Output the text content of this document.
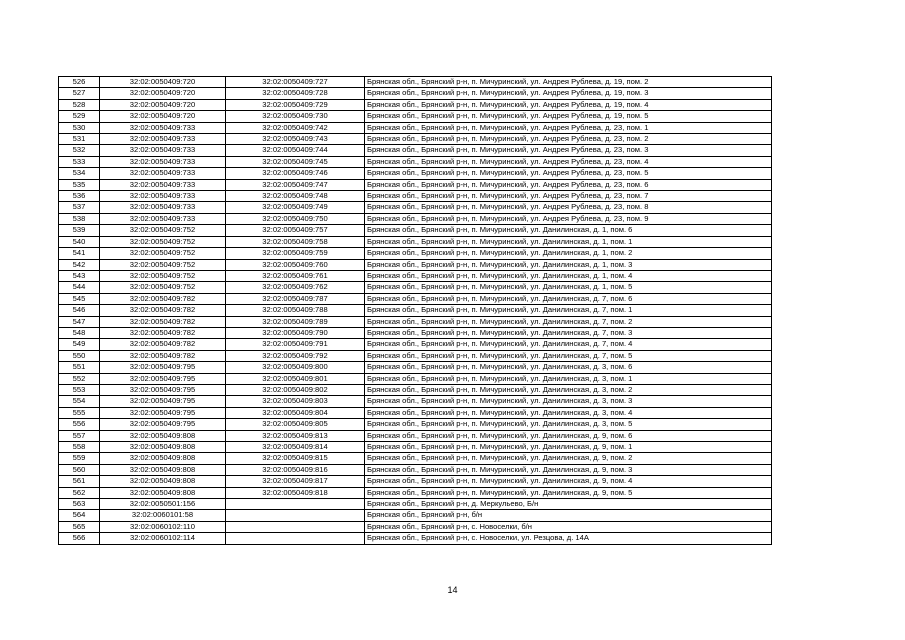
526	32:02:0050409:720	32:02:0050409:727	Брянская обл., Брянский р-н, п. Мичуринский, ул. Андрея Рублева, д. 19, пом. 2
527	32:02:0050409:720	32:02:0050409:728	Брянская обл., Брянский р-н, п. Мичуринский, ул. Андрея Рублева, д. 19, пом. 3
528	32:02:0050409:720	32:02:0050409:729	Брянская обл., Брянский р-н, п. Мичуринский, ул. Андрея Рублева, д. 19, пом. 4
529	32:02:0050409:720	32:02:0050409:730	Брянская обл., Брянский р-н, п. Мичуринский, ул. Андрея Рублева, д. 19, пом. 5
530	32:02:0050409:733	32:02:0050409:742	Брянская обл., Брянский р-н, п. Мичуринский, ул. Андрея Рублева, д. 23, пом. 1
531	32:02:0050409:733	32:02:0050409:743	Брянская обл., Брянский р-н, п. Мичуринский, ул. Андрея Рублева, д. 23, пом. 2
532	32:02:0050409:733	32:02:0050409:744	Брянская обл., Брянский р-н, п. Мичуринский, ул. Андрея Рублева, д. 23, пом. 3
533	32:02:0050409:733	32:02:0050409:745	Брянская обл., Брянский р-н, п. Мичуринский, ул. Андрея Рублева, д. 23, пом. 4
534	32:02:0050409:733	32:02:0050409:746	Брянская обл., Брянский р-н, п. Мичуринский, ул. Андрея Рублева, д. 23, пом. 5
535	32:02:0050409:733	32:02:0050409:747	Брянская обл., Брянский р-н, п. Мичуринский, ул. Андрея Рублева, д. 23, пом. 6
536	32:02:0050409:733	32:02:0050409:748	Брянская обл., Брянский р-н, п. Мичуринский, ул. Андрея Рублева, д. 23, пом. 7
537	32:02:0050409:733	32:02:0050409:749	Брянская обл., Брянский р-н, п. Мичуринский, ул. Андрея Рублева, д. 23, пом. 8
538	32:02:0050409:733	32:02:0050409:750	Брянская обл., Брянский р-н, п. Мичуринский, ул. Андрея Рублева, д. 23, пом. 9
539	32:02:0050409:752	32:02:0050409:757	Брянская обл., Брянский р-н, п. Мичуринский, ул. Данилинская, д. 1, пом. 6
540	32:02:0050409:752	32:02:0050409:758	Брянская обл., Брянский р-н, п. Мичуринский, ул. Данилинская, д. 1, пом. 1
541	32:02:0050409:752	32:02:0050409:759	Брянская обл., Брянский р-н, п. Мичуринский, ул. Данилинская, д. 1, пом. 2
542	32:02:0050409:752	32:02:0050409:760	Брянская обл., Брянский р-н, п. Мичуринский, ул. Данилинская, д. 1, пом. 3
543	32:02:0050409:752	32:02:0050409:761	Брянская обл., Брянский р-н, п. Мичуринский, ул. Данилинская, д. 1, пом. 4
544	32:02:0050409:752	32:02:0050409:762	Брянская обл., Брянский р-н, п. Мичуринский, ул. Данилинская, д. 1, пом. 5
545	32:02:0050409:782	32:02:0050409:787	Брянская обл., Брянский р-н, п. Мичуринский, ул. Данилинская, д. 7, пом. 6
546	32:02:0050409:782	32:02:0050409:788	Брянская обл., Брянский р-н, п. Мичуринский, ул. Данилинская, д. 7, пом. 1
547	32:02:0050409:782	32:02:0050409:789	Брянская обл., Брянский р-н, п. Мичуринский, ул. Данилинская, д. 7, пом. 2
548	32:02:0050409:782	32:02:0050409:790	Брянская обл., Брянский р-н, п. Мичуринский, ул. Данилинская, д. 7, пом. 3
549	32:02:0050409:782	32:02:0050409:791	Брянская обл., Брянский р-н, п. Мичуринский, ул. Данилинская, д. 7, пом. 4
550	32:02:0050409:782	32:02:0050409:792	Брянская обл., Брянский р-н, п. Мичуринский, ул. Данилинская, д. 7, пом. 5
551	32:02:0050409:795	32:02:0050409:800	Брянская обл., Брянский р-н, п. Мичуринский, ул. Данилинская, д. 3, пом. 6
552	32:02:0050409:795	32:02:0050409:801	Брянская обл., Брянский р-н, п. Мичуринский, ул. Данилинская, д. 3, пом. 1
553	32:02:0050409:795	32:02:0050409:802	Брянская обл., Брянский р-н, п. Мичуринский, ул. Данилинская, д. 3, пом. 2
554	32:02:0050409:795	32:02:0050409:803	Брянская обл., Брянский р-н, п. Мичуринский, ул. Данилинская, д. 3, пом. 3
555	32:02:0050409:795	32:02:0050409:804	Брянская обл., Брянский р-н, п. Мичуринский, ул. Данилинская, д. 3, пом. 4
556	32:02:0050409:795	32:02:0050409:805	Брянская обл., Брянский р-н, п. Мичуринский, ул. Данилинская, д. 3, пом. 5
557	32:02:0050409:808	32:02:0050409:813	Брянская обл., Брянский р-н, п. Мичуринский, ул. Данилинская, д. 9, пом. 6
558	32:02:0050409:808	32:02:0050409:814	Брянская обл., Брянский р-н, п. Мичуринский, ул. Данилинская, д. 9, пом. 1
559	32:02:0050409:808	32:02:0050409:815	Брянская обл., Брянский р-н, п. Мичуринский, ул. Данилинская, д. 9, пом. 2
560	32:02:0050409:808	32:02:0050409:816	Брянская обл., Брянский р-н, п. Мичуринский, ул. Данилинская, д. 9, пом. 3
561	32:02:0050409:808	32:02:0050409:817	Брянская обл., Брянский р-н, п. Мичуринский, ул. Данилинская, д. 9, пом. 4
562	32:02:0050409:808	32:02:0050409:818	Брянская обл., Брянский р-н, п. Мичуринский, ул. Данилинская, д. 9, пом. 5
563	32:02:0050501:156		Брянская обл., Брянский р-н, д. Меркульево, Б/н
564	32:02:0060101:58		Брянская обл., Брянский р-н, б/н
565	32:02:0060102:110		Брянская обл., Брянский р-н, с. Новоселки, б/н
566	32:02:0060102:114		Брянская обл., Брянский р-н, с. Новоселки, ул. Резцова, д. 14А
14
